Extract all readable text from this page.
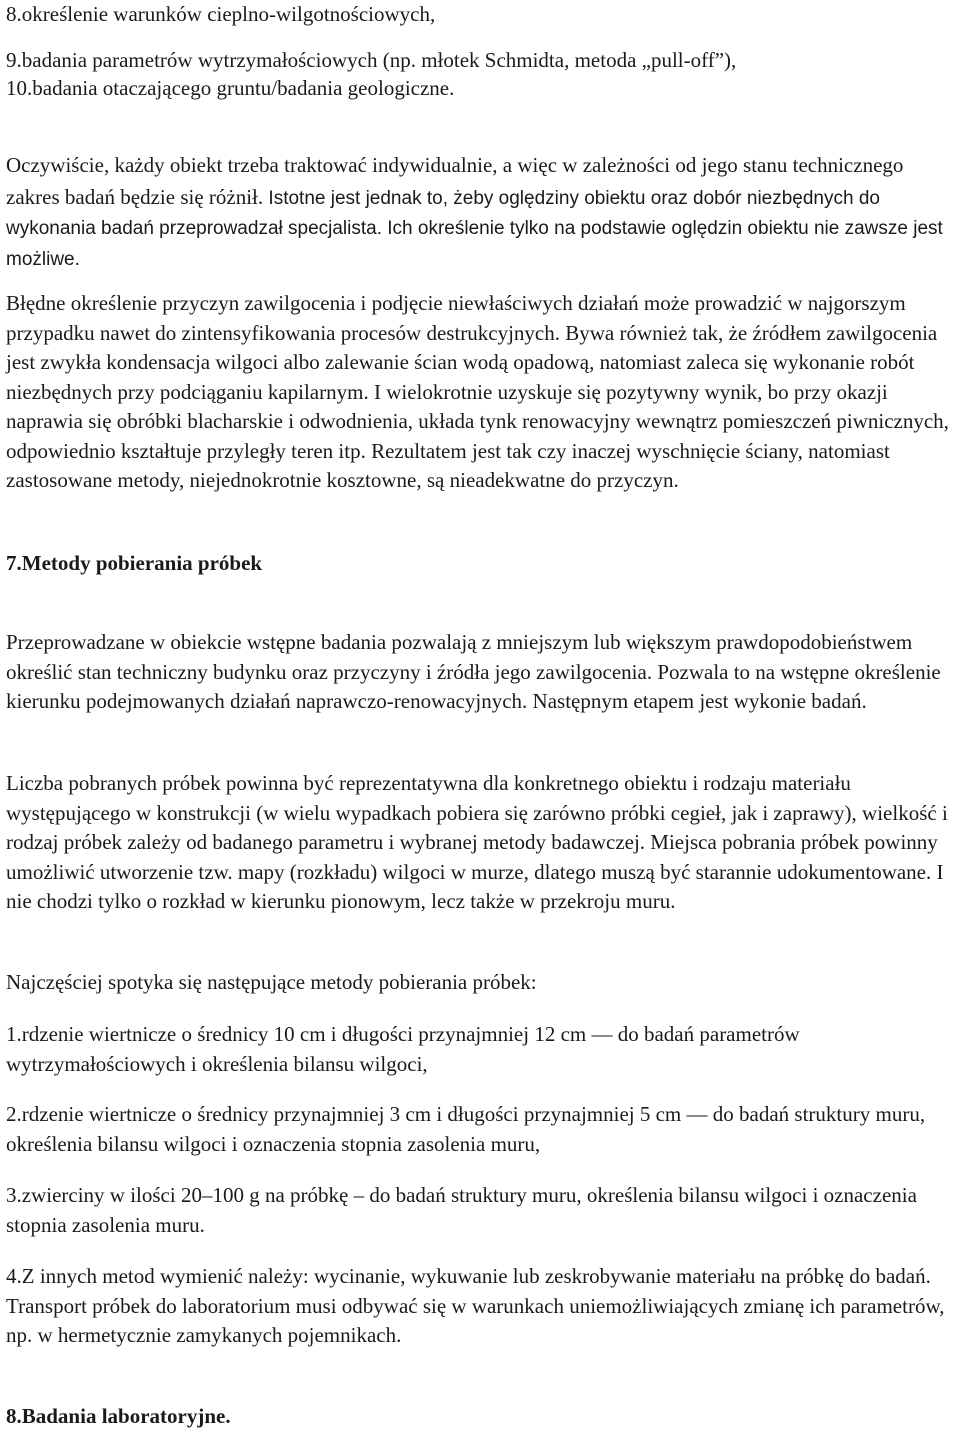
8.określenie warunków cieplno-wilgotnościowych,

9.badania parametrów wytrzymałościowych (np. młotek Schmidta, metoda „pull-off”),

10.badania otaczającego gruntu/badania geologiczne.

Oczywiście, każdy obiekt trzeba traktować indywidualnie, a więc w zależności od jego stanu technicznego zakres badań będzie się różnił. Istotne jest jednak to, żeby oględziny obiektu oraz dobór niezbędnych do wykonania badań przeprowadzał specjalista. Ich określenie tylko na podstawie oględzin obiektu nie zawsze jest możliwe.

Błędne określenie przyczyn zawilgocenia i podjęcie niewłaściwych działań może prowadzić w najgorszym przypadku nawet do zintensyfikowania procesów destrukcyjnych. Bywa również tak, że źródłem zawilgocenia jest zwykła kondensacja wilgoci albo zalewanie ścian wodą opadową, natomiast zaleca się wykonanie robót niezbędnych przy podciąganiu kapilarnym. I wielokrotnie uzyskuje się pozytywny wynik, bo przy okazji naprawia się obróbki blacharskie i odwodnienia, układa tynk renowacyjny wewnątrz pomieszczeń piwnicznych, odpowiednio kształtuje przyległy teren itp. Rezultatem jest tak czy inaczej wyschnięcie ściany, natomiast zastosowane metody, niejednokrotnie kosztowne, są nieadekwatne do przyczyn.

7.Metody pobierania próbek

Przeprowadzane w obiekcie wstępne badania pozwalają z mniejszym lub większym prawdopodobieństwem określić stan techniczny budynku oraz przyczyny i źródła jego zawilgocenia. Pozwala to na wstępne określenie kierunku podejmowanych działań naprawczo-renowacyjnych. Następnym etapem jest wykonie badań.

Liczba pobranych próbek powinna być reprezentatywna dla konkretnego obiektu i rodzaju materiału występującego w konstrukcji (w wielu wypadkach pobiera się zarówno próbki cegieł, jak i zaprawy), wielkość i rodzaj próbek zależy od badanego parametru i wybranej metody badawczej. Miejsca pobrania próbek powinny umożliwić utworzenie tzw. mapy (rozkładu) wilgoci w murze, dlatego muszą być starannie udokumentowane. I nie chodzi tylko o rozkład w kierunku pionowym, lecz także w przekroju muru.

Najczęściej spotyka się następujące metody pobierania próbek:

1.rdzenie wiertnicze o średnicy 10 cm i długości przynajmniej 12 cm — do badań parametrów wytrzymałościowych i określenia bilansu wilgoci,

2.rdzenie wiertnicze o średnicy przynajmniej 3 cm i długości przynajmniej 5 cm — do badań struktury muru, określenia bilansu wilgoci i oznaczenia stopnia zasolenia muru,

3.zwierciny w ilości 20–100 g na próbkę – do badań struktury muru, określenia bilansu wilgoci i oznaczenia stopnia zasolenia muru.

4.Z innych metod wymienić należy: wycinanie, wykuwanie lub zeskrobywanie materiału na próbkę do badań. Transport próbek do laboratorium musi odbywać się w warunkach uniemożliwiających zmianę ich parametrów, np. w hermetycznie zamykanych pojemnikach.

8.Badania laboratoryjne.
